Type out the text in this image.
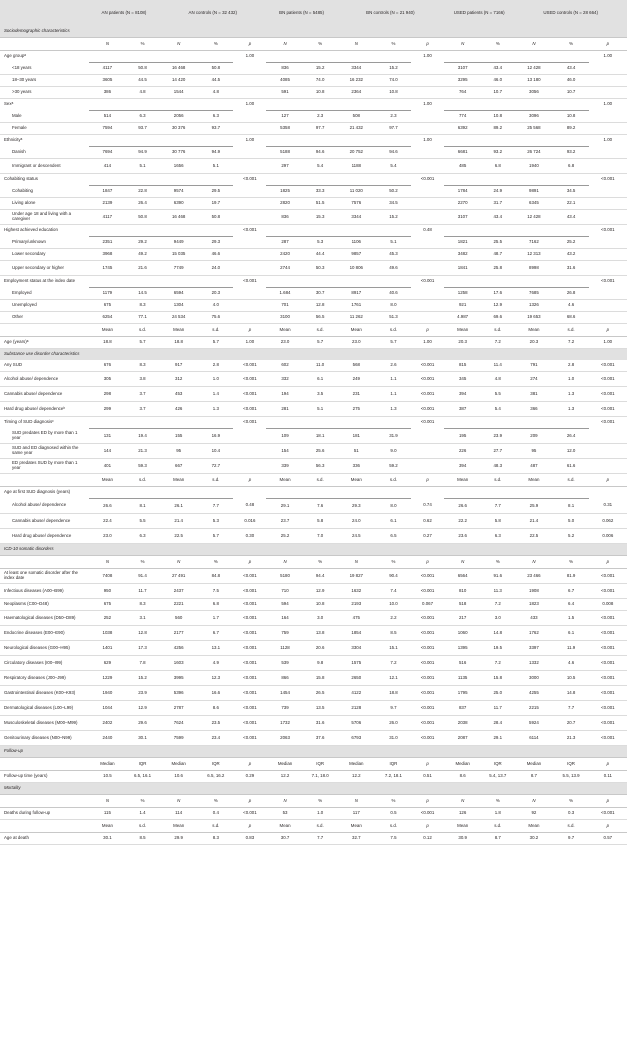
	AN patients (N = 8108)		AN controls (N = 32 432)			BN patients (N = 5485)		BN controls (N = 21 940)			USED patients (N = 7166)		USED controls (N = 28 664)		
Sociodemographic characteristics															
	N	%	N	%	p	N	%	N	%	p	N	%	N	%	p
Age groupᵃ					1.00					1.00					1.00
<18 years	4117	50.8	16 468	50.8		836	15.2	3344	15.2		3107	43.4	12 428	43.4	
18–30 years	3605	44.5	14 420	44.5		4085	74.0	16 232	74.0		3295	46.0	13 180	46.0	
>30 years	386	4.8	1544	4.8		591	10.8	2364	10.8		764	10.7	3056	10.7	
Sexᵃ					1.00					1.00					1.00
Male	514	6.3	2056	6.3		127	2.3	508	2.3		774	10.8	3096	10.8	
Female	7594	93.7	30 376	93.7		5358	97.7	21 432	97.7		6392	89.2	25 568	89.2	
Ethnicityᵃ					1.00					1.00					1.00
Danish	7694	94.9	30 776	94.9		5188	94.6	20 752	94.6		6681	93.2	26 724	93.2	
Immigrant or descendent	414	5.1	1656	5.1		297	5.4	1188	5.4		485	6.8	1940	6.8	
Cohabiting status					<0.001					<0.001					<0.001
Cohabiting	1847	22.8	9574	29.5		1825	33.3	11 020	50.2		1784	24.9	9891	34.5	
Living alone	2139	26.4	6390	19.7		2820	51.5	7576	34.5		2270	31.7	6345	22.1	
Under age 18 and living with a caregiver	4117	50.8	16 468	50.8		836	15.3	3344	15.2		3107	43.4	12 428	43.4	
Highest achieved education					<0.001					0.48					<0.001
Primary/unknown	2351	29.2	9449	29.3		287	5.3	1106	5.1		1821	25.5	7162	25.2	
Lower secondary	3968	49.2	15 035	46.6		2420	44.4	9857	45.3		3482	48.7	12 313	43.2	
Upper secondary or higher	1745	21.6	7749	24.0		2744	50.3	10 806	49.6		1841	25.8	8998	31.6	
Employment status at the index date					<0.001					<0.001					<0.001
Employed	1179	14.5	6594	20.3		1.684	30.7	8917	40.6		1258	17.6	7685	26.8	
Unemployed	675	8.3	1304	4.0		701	12.8	1761	8.0		921	12.9	1326	4.6	
Other	6254	77.1	24 534	75.6		3100	56.5	11 262	51.3		4.987	69.6	19 653	68.6	
	Mean	s.d.	Mean	s.d.	p	Mean	s.d.	Mean	s.d.	p	Mean	s.d.	Mean	s.d.	p
Age (years)ᵃ	18.8	5.7	18.8	5.7	1.00	23.0	5.7	23.0	5.7	1.00	20.3	7.2	20.3	7.2	1.00
Substance use disorder characteristics															
Any SUD	676	8.3	917	2.8	<0.001	602	11.0	568	2.6	<0.001	815	11.4	791	2.8	<0.001
Alcohol abuse/ dependence	305	3.8	312	1.0	<0.001	332	6.1	249	1.1	<0.001	345	4.8	274	1.0	<0.001
Cannabis abuse/ dependence	298	3.7	453	1.4	<0.001	194	3.5	231	1.1	<0.001	394	5.5	381	1.3	<0.001
Hard drug abuse/ dependenceᵇ	299	3.7	426	1.3	<0.001	281	5.1	275	1.3	<0.001	387	5.4	366	1.3	<0.001
Timing of SUD diagnosisᶜ					<0.001					<0.001					<0.001
SUD predates ED by more than 1 year	131	19.4	155	16.9		109	18.1	181	31.9		195	23.9	209	26.4	
SUD and ED diagnosed within the same year	144	21.3	95	10.4		154	25.6	51	9.0		226	27.7	95	12.0	
ED predates SUD by more than 1 year	401	59.3	667	72.7		339	56.3	336	59.2		394	48.3	487	61.6	
	Mean	s.d.	Mean	s.d.	p	Mean	s.d.	Mean	s.d.	p	Mean	s.d.	Mean	s.d.	p
Age at first SUD diagnosis (years)															
Alcohol abuse/ dependence	26.6	8.1	26.1	7.7	0.48	29.1	7.6	29.3	8.0	0.74	26.6	7.7	25.9	8.1	0.31
Cannabis abuse/ dependence	22.4	5.5	21.4	5.3	0.016	23.7	5.8	24.0	6.1	0.62	22.2	5.8	21.4	5.0	0.062
Hard drug abuse/ dependence	23.0	6.3	22.5	5.7	0.30	25.2	7.0	24.5	6.5	0.27	23.6	6.3	22.5	5.2	0.006
ICD-10 somatic disorders															
	N	%	N	%	p	N	%	N	%	p	N	%	N	%	p
At least one somatic disorder after the index date	7408	91.4	27 491	84.8	<0.001	5180	94.4	19 827	90.4	<0.001	6564	91.6	23 466	81.9	<0.001
Infectious diseases (A00–B99)	950	11.7	2437	7.5	<0.001	710	12.9	1632	7.4	<0.001	810	11.3	1908	6.7	<0.001
Neoplasms (C00–D48)	675	8.3	2221	6.8	<0.001	594	10.8	2193	10.0	0.067	518	7.2	1823	6.4	0.008
Haematological diseases (D50–D89)	252	3.1	560	1.7	<0.001	164	3.0	475	2.2	<0.001	217	3.0	433	1.5	<0.001
Endocrine diseases (E00–E90)	1038	12.8	2177	6.7	<0.001	759	13.8	1854	8.5	<0.001	1060	14.8	1762	6.1	<0.001
Neurological diseases (G00–H95)	1401	17.3	4256	13.1	<0.001	1128	20.6	3304	15.1	<0.001	1395	19.5	3397	11.9	<0.001
Circulatory diseases (I00–I99)	629	7.8	1603	4.9	<0.001	539	9.8	1575	7.2	<0.001	516	7.2	1332	4.6	<0.001
Respiratory diseases (J00–J99)	1229	15.2	3995	12.3	<0.001	866	15.8	2650	12.1	<0.001	1135	15.8	3000	10.5	<0.001
Gastrointestinal diseases (K00–K93)	1940	23.9	5396	16.6	<0.001	1454	26.5	4122	18.8	<0.001	1795	25.0	4255	14.8	<0.001
Dermatological diseases (L00–L99)	1044	12.9	2787	8.6	<0.001	739	13.5	2128	9.7	<0.001	837	11.7	2215	7.7	<0.001
Musculoskeletal diseases (M00–M99)	2402	29.6	7624	23.5	<0.001	1732	31.6	5706	26.0	<0.001	2038	28.4	5924	20.7	<0.001
Genitourinary diseases (N00–N99)	2440	30.1	7599	23.4	<0.001	2063	37.6	6793	31.0	<0.001	2087	29.1	6114	21.3	<0.001
Follow-up															
	Median	IQR	Median	IQR	p	Median	IQR	Median	IQR	p	Median	IQR	Median	IQR	p
Follow-up time (years)	10.5	6.5, 16.1	10.6	6.5, 16.2	0.29	12.2	7.1, 18.0	12.2	7.2, 18.1	0.51	8.6	5.4, 13.7	8.7	5.5, 13.9	0.11
Mortality															
	N	%	N	%	p	N	%	N	%	p	N	%	N	%	p
Deaths during follow-up	115	1.4	114	0.4	<0.001	53	1.0	117	0.5	<0.001	126	1.8	92	0.3	<0.001
	Mean	s.d.	Mean	s.d.	p	Mean	s.d.	Mean	s.d.	p	Mean	s.d.	Mean	s.d.	p
Age at death	30.1	8.5	29.9	8.3	0.83	30.7	7.7	32.7	7.5	0.12	30.9	8.7	30.2	9.7	0.57
